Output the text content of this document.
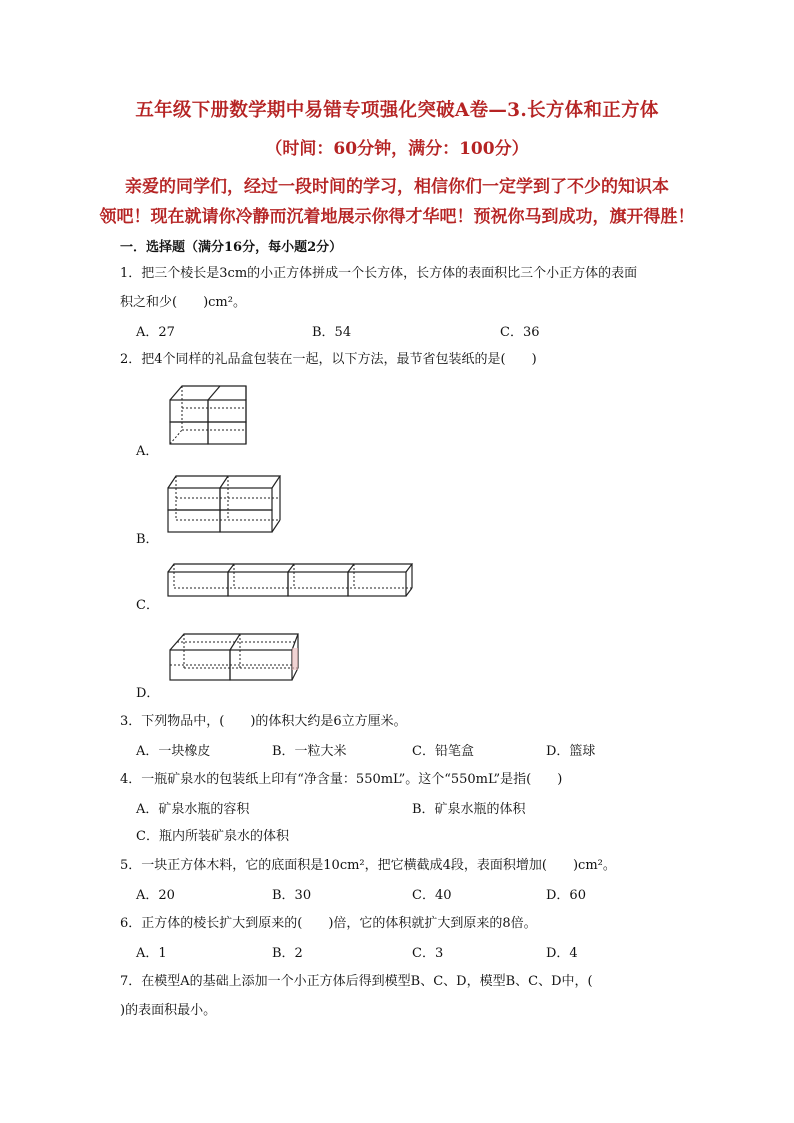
五年级下册数学期中易错专项强化突破A卷—3.长方体和正方体
（时间：60分钟，满分：100分）
亲爱的同学们，经过一段时间的学习，相信你们一定学到了不少的知识本
领吧！现在就请你冷静而沉着地展示你得才华吧！预祝你马到成功，旗开得胜！
一．选择题（满分16分，每小题2分）
1．把三个棱长是3cm的小正方体拼成一个长方体，长方体的表面积比三个小正方体的表面
积之和少(　　)cm²。
A．27	B．54	C．36
2．把4个同样的礼品盒包装在一起，以下方法，最节省包装纸的是(　　)
A．
B．
C．
D．
3．下列物品中，(　　)的体积大约是6立方厘米。
A．一块橡皮	B．一粒大米	C．铅笔盒	D．篮球
4．一瓶矿泉水的包装纸上印有“净含量：550mL”。这个“550mL”是指(　　)
A．矿泉水瓶的容积	B．矿泉水瓶的体积
C．瓶内所装矿泉水的体积
5．一块正方体木料，它的底面积是10cm²，把它横截成4段，表面积增加(　　)cm²。
A．20	B．30	C．40	D．60
6．正方体的棱长扩大到原来的(　　)倍，它的体积就扩大到原来的8倍。
A．1	B．2	C．3	D．4
7．在模型A的基础上添加一个小正方体后得到模型B、C、D，模型B、C、D中，(
)的表面积最小。
